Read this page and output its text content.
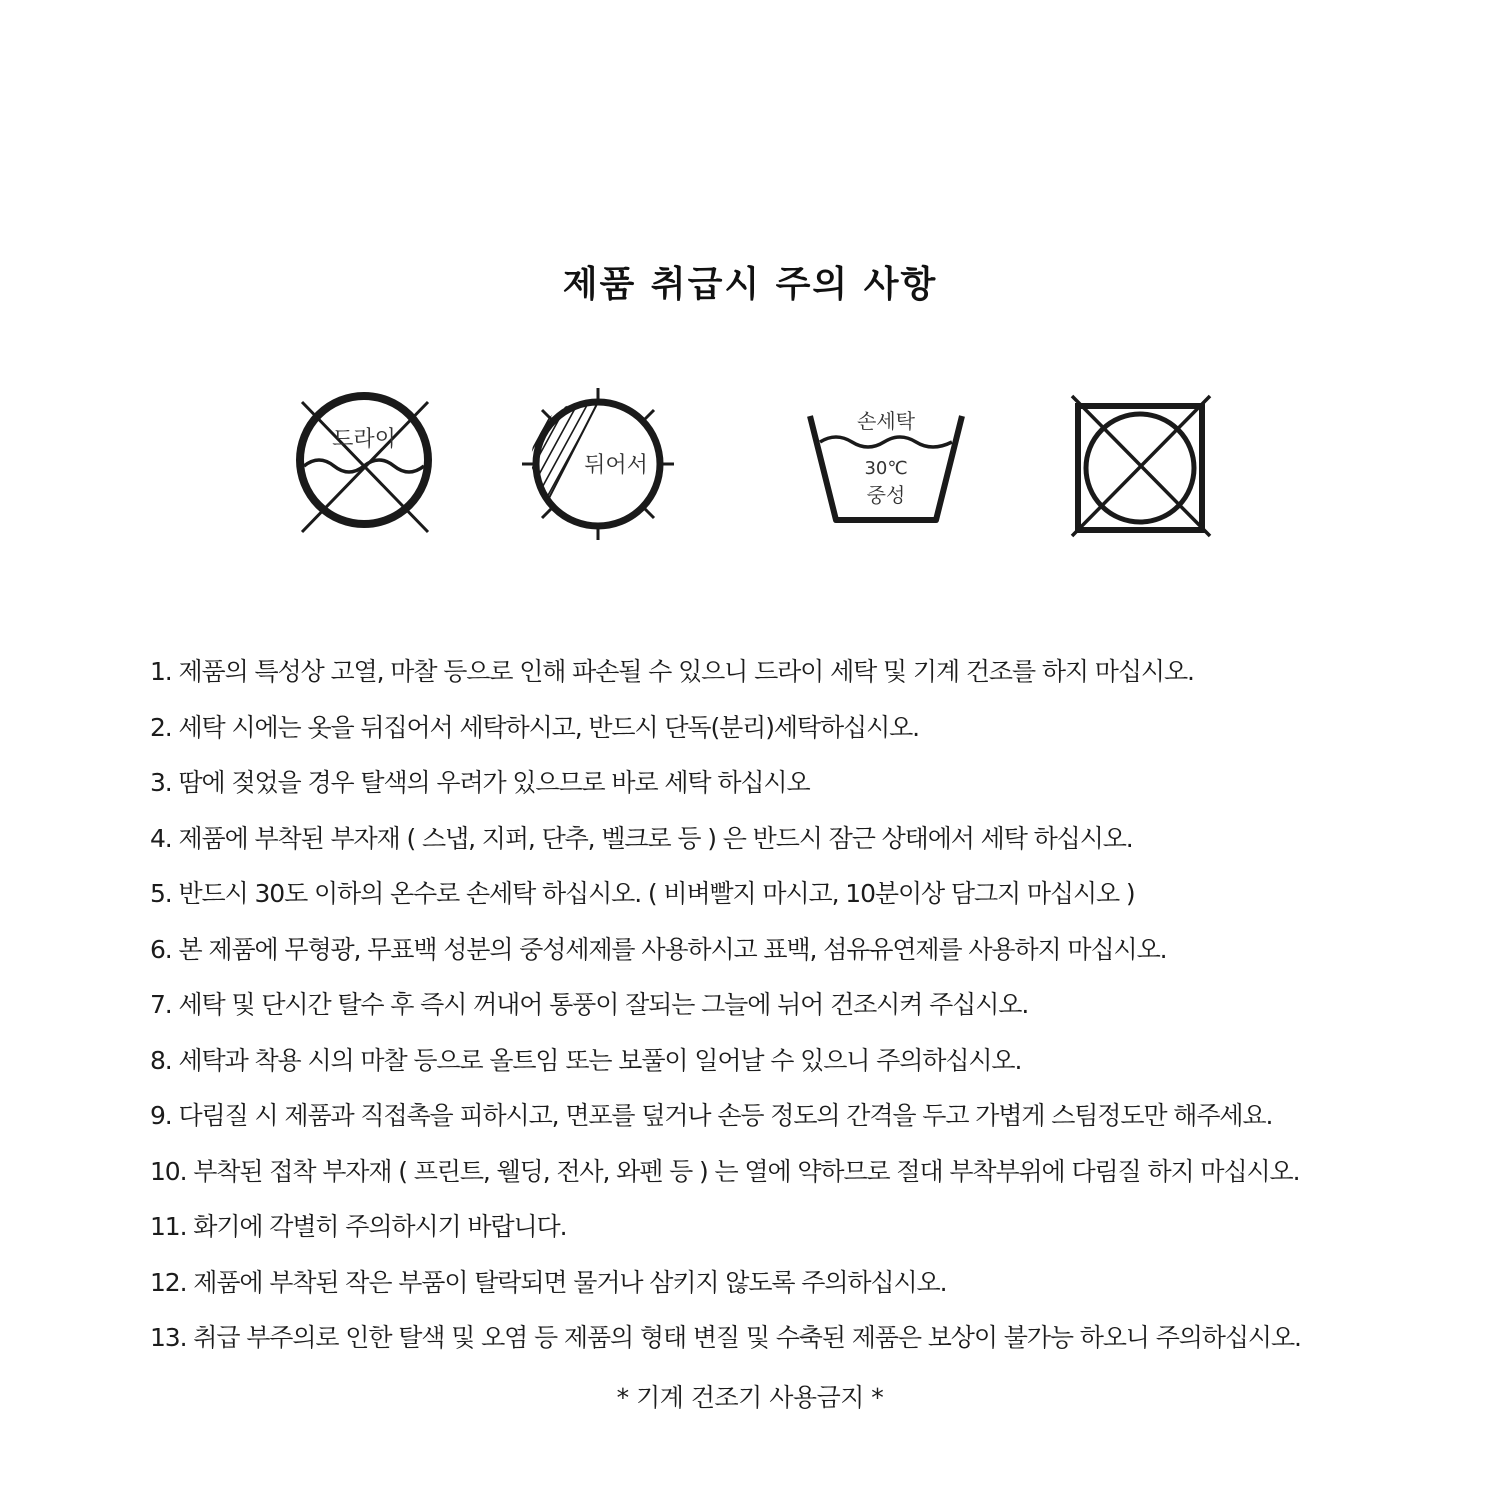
제품 취급시 주의 사항
드라이
뒤어서
손세탁
30℃
중성
1. 제품의 특성상 고열, 마찰 등으로 인해 파손될 수 있으니 드라이 세탁 및 기계 건조를 하지 마십시오.
2. 세탁 시에는 옷을 뒤집어서 세탁하시고, 반드시 단독(분리)세탁하십시오.
3. 땀에 젖었을 경우 탈색의 우려가 있으므로 바로 세탁 하십시오
4. 제품에 부착된 부자재 ( 스냅, 지퍼, 단추, 벨크로 등 ) 은 반드시 잠근 상태에서 세탁 하십시오.
5. 반드시 30도 이하의 온수로 손세탁 하십시오. ( 비벼빨지 마시고, 10분이상 담그지 마십시오 )
6. 본 제품에 무형광, 무표백 성분의 중성세제를 사용하시고 표백, 섬유유연제를 사용하지 마십시오.
7. 세탁 및 단시간 탈수 후 즉시 꺼내어 통풍이 잘되는 그늘에 뉘어 건조시켜 주십시오.
8. 세탁과 착용 시의 마찰 등으로 올트임 또는 보풀이 일어날 수 있으니 주의하십시오.
9. 다림질 시 제품과 직접촉을 피하시고, 면포를 덮거나 손등 정도의 간격을 두고 가볍게 스팀정도만 해주세요.
10. 부착된 접착 부자재 ( 프린트, 웰딩, 전사, 와펜 등 ) 는 열에 약하므로 절대 부착부위에 다림질 하지 마십시오.
11. 화기에 각별히 주의하시기 바랍니다.
12. 제품에 부착된 작은 부품이 탈락되면 물거나 삼키지 않도록 주의하십시오.
13. 취급 부주의로 인한 탈색 및 오염 등 제품의 형태 변질 및 수축된 제품은 보상이 불가능 하오니 주의하십시오.
* 기계 건조기 사용금지 *
